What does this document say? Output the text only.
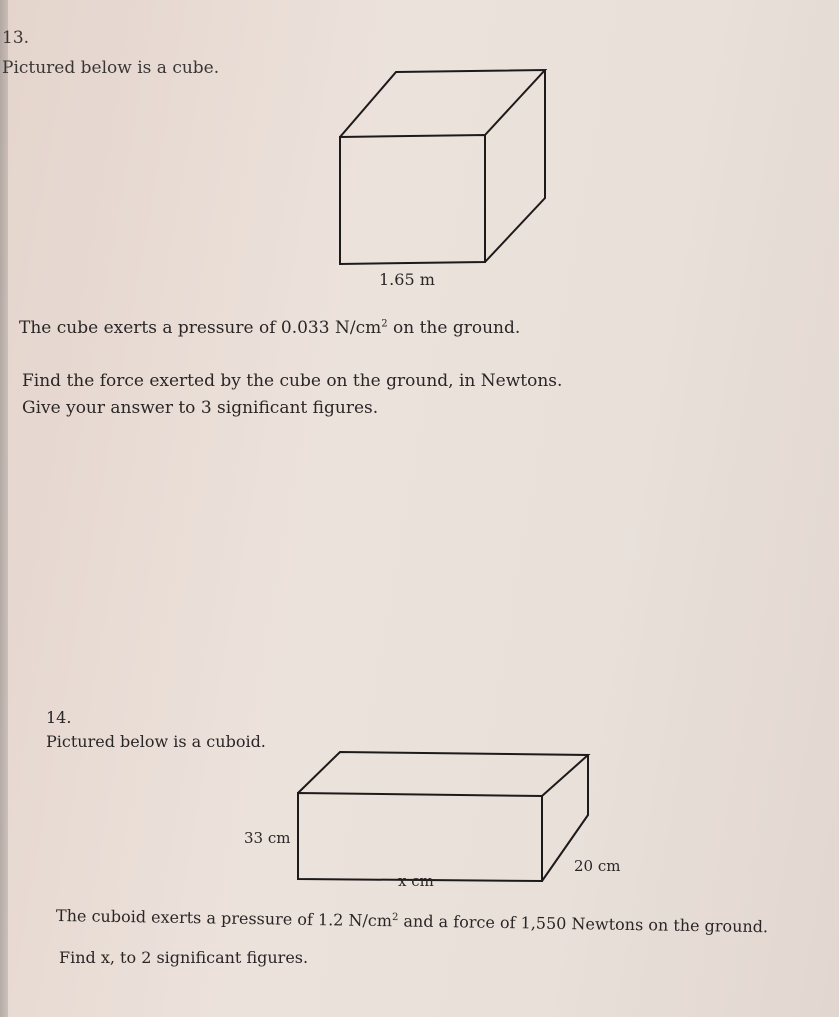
13.
Pictured below is a cube.
1.65 m
The cube exerts a pressure of 0.033 $N/cm^2$ on the ground.
Find the force exerted by the cube on the ground, in Newtons.
Give your answer to 3 significant figures.
14.
Pictured below is a cuboid.
33 cm
x cm
20 cm
The cuboid exerts a pressure of 1.2 $N/cm^2$ and a force of 1,550 Newtons on the ground.
Find x, to 2 significant figures.
